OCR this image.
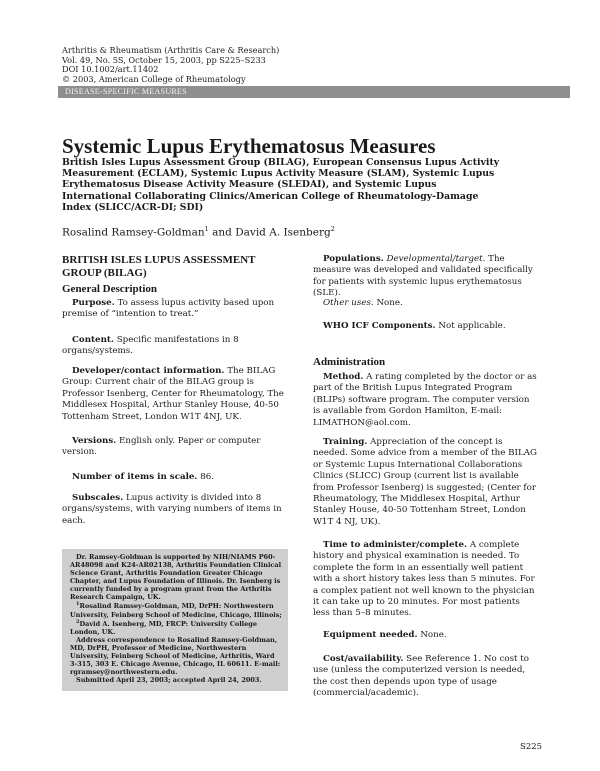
Arthritis & Rheumatism (Arthritis Care & Research)
Vol. 49, No. 5S, October 15, 2003, pp S225–S233
DOI 10.1002/art.11402
© 2003, American College of Rheumatology
DISEASE-SPECIFIC MEASURES
Systemic Lupus Erythematosus Measures
British Isles Lupus Assessment Group (BILAG), European Consensus Lupus Activity Measurement (ECLAM), Systemic Lupus Activity Measure (SLAM), Systemic Lupus Erythematosus Disease Activity Measure (SLEDAI), and Systemic Lupus International Collaborating Clinics/American College of Rheumatology-Damage Index (SLICC/ACR-DI; SDI)
Rosalind Ramsey-Goldman$^1$ and David A. Isenberg$^2$
BRITISH ISLES LUPUS ASSESSMENT GROUP (BILAG)
General Description

Purpose. To assess lupus activity based upon premise of “intention to treat.”

Content. Specific manifestations in 8 organs/systems.

Developer/contact information. The BILAG Group: Current chair of the BILAG group is Professor Isenberg, Center for Rheumatology, The Middlesex Hospital, Arthur Stanley House, 40-50 Tottenham Street, London W1T 4NJ, UK.

Versions. English only. Paper or computer version.

Number of items in scale. 86.

Subscales. Lupus activity is divided into 8 organs/systems, with varying numbers of items in each.

Dr. Ramsey-Goldman is supported by NIH/NIAMS P60-AR48098 and K24-AR02138, Arthritis Foundation Clinical Science Grant, Arthritis Foundation Greater Chicago Chapter, and Lupus Foundation of Illinois. Dr. Isenberg is currently funded by a program grant from the Arthritis Research Campaign, UK.

$^1$Rosalind Ramsey-Goldman, MD, DrPH: Northwestern University, Feinberg School of Medicine, Chicago, Illinois;

$^2$David A. Isenberg, MD, FRCP: University College London, UK.

Address correspondence to Rosalind Ramsey-Goldman, MD, DrPH, Professor of Medicine, Northwestern University, Feinberg School of Medicine, Arthritis, Ward 3-315, 303 E. Chicago Avenue, Chicago, IL 60611. E-mail: rgramsey@northwestern.edu.

Submitted April 23, 2003; accepted April 24, 2003.

Populations. Developmental/target. The measure was developed and validated specifically for patients with systemic lupus erythematosus (SLE).

Other uses. None.

WHO ICF Components. Not applicable.

Administration

Method. A rating completed by the doctor or as part of the British Lupus Integrated Program (BLIPs) software program. The computer version is available from Gordon Hamilton, E-mail: LIMATHON@aol.com.

Training. Appreciation of the concept is needed. Some advice from a member of the BILAG or Systemic Lupus International Collaborations Clinics (SLICC) Group (current list is available from Professor Isenberg) is suggested; (Center for Rheumatology, The Middlesex Hospital, Arthur Stanley House, 40-50 Tottenham Street, London W1T 4 NJ, UK).

Time to administer/complete. A complete history and physical examination is needed. To complete the form in an essentially well patient with a short history takes less than 5 minutes. For a complex patient not well known to the physician it can take up to 20 minutes. For most patients less than 5–8 minutes.

Equipment needed. None.

Cost/availability. See Reference 1. No cost to use (unless the computerized version is needed, the cost then depends upon type of usage (commercial/academic).

S225
